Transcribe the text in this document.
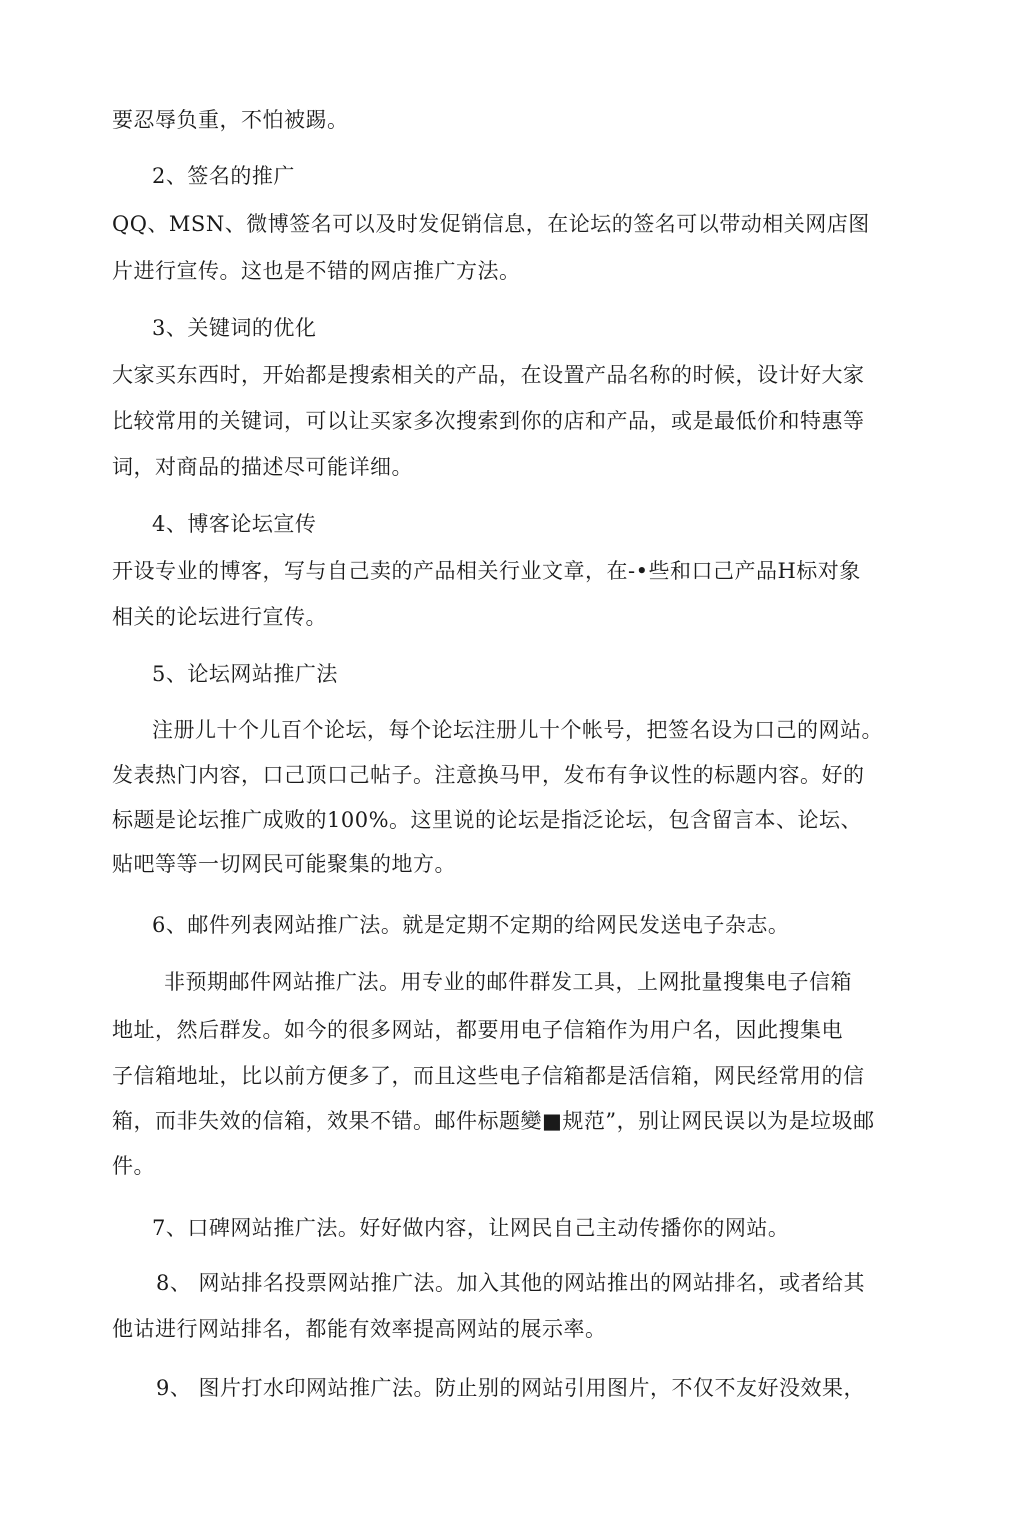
要忍辱负重，不怕被踢。
2、签名的推广
QQ、MSN、微博签名可以及时发促销信息，在论坛的签名可以带动相关网店图
片进行宣传。这也是不错的网店推广方法。
3、关键词的优化
大家买东西时，开始都是搜索相关的产品，在设置产品名称的时候，设计好大家
比较常用的关键词，可以让买家多次搜索到你的店和产品，或是最低价和特惠等
词，对商品的描述尽可能详细。
4、博客论坛宣传
开设专业的博客，写与自己卖的产品相关行业文章，在-•些和口己产品H标对象
相关的论坛进行宣传。
5、论坛网站推广法
注册儿十个儿百个论坛，每个论坛注册儿十个帐号，把签名设为口己的网站。
发表热门内容，口己顶口己帖子。注意换马甲，发布有争议性的标题内容。好的
标题是论坛推广成败的100%。这里说的论坛是指泛论坛，包含留言本、论坛、
贴吧等等一切网民可能聚集的地方。
6、邮件列表网站推广法。就是定期不定期的给网民发送电子杂志。
非预期邮件网站推广法。用专业的邮件群发工具，上网批量搜集电子信箱
地址，然后群发。如今的很多网站，都要用电子信箱作为用户名，因此搜集电
子信箱地址，比以前方便多了，而且这些电子信箱都是活信箱，网民经常用的信
箱，而非失效的信箱，效果不错。邮件标题變■规范”，别让网民误以为是垃圾邮
件。
7、口碑网站推广法。好好做内容，让网民自己主动传播你的网站。
8、 网站排名投票网站推广法。加入其他的网站推出的网站排名，或者给其
他诂进行网站排名，都能有效率提高网站的展示率。
9、 图片打水印网站推广法。防止别的网站引用图片，不仅不友好没效果，
